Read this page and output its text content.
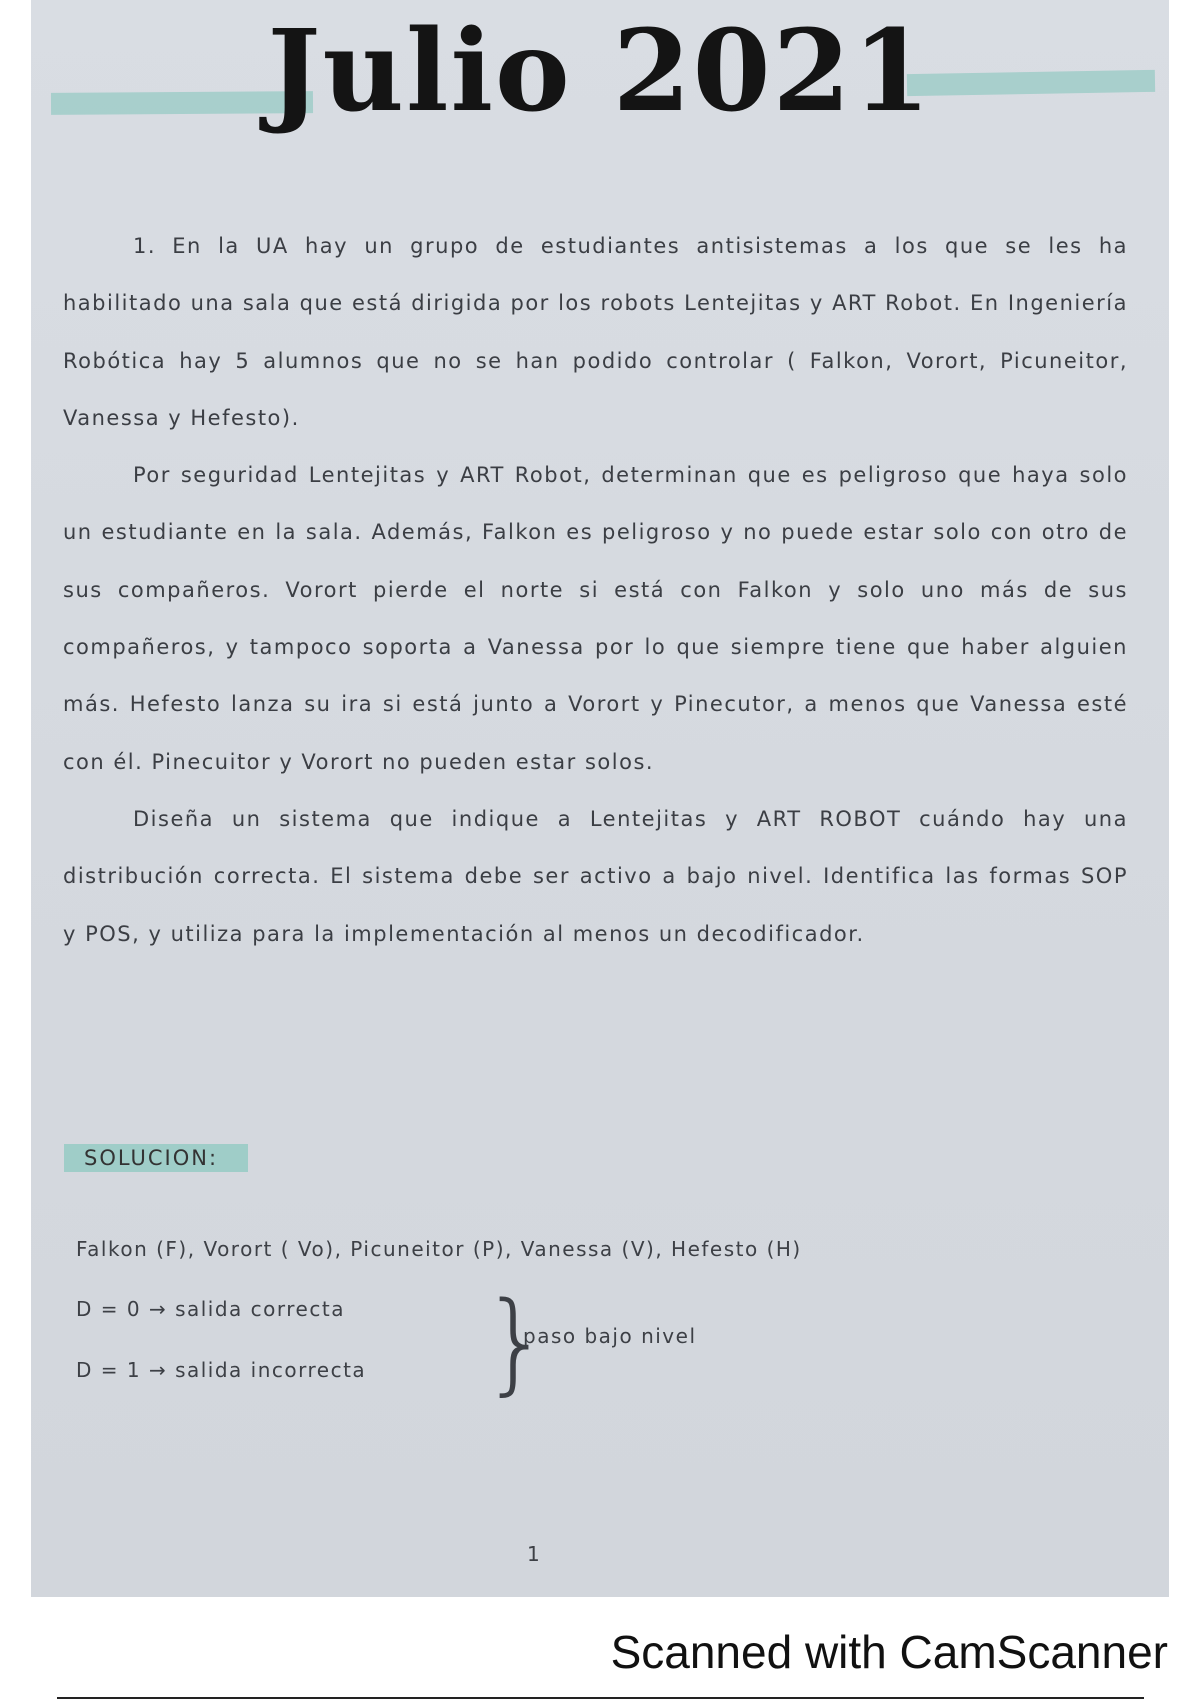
Julio 2021

1. En la UA hay un grupo de estudiantes antisistemas a los que se les ha habilitado una sala que está dirigida por los robots Lentejitas y ART Robot. En Ingeniería Robótica hay 5 alumnos que no se han podido controlar ( Falkon, Vorort, Picuneitor, Vanessa y Hefesto).

Por seguridad Lentejitas y ART Robot, determinan que es peligroso que haya solo un estudiante en la sala. Además, Falkon es peligroso y no puede estar solo con otro de sus compañeros. Vorort pierde el norte si está con Falkon y solo uno más de sus compañeros, y tampoco soporta a Vanessa por lo que siempre tiene que haber alguien más. Hefesto lanza su ira si está junto a Vorort y Pinecutor, a menos que Vanessa esté con él. Pinecuitor y Vorort no pueden estar solos.

Diseña un sistema que indique a Lentejitas y ART ROBOT cuándo hay una distribución correcta. El sistema debe ser activo a bajo nivel. Identifica las formas SOP y POS, y utiliza para la implementación al menos un decodificador.

SOLUCION:
Falkon (F), Vorort ( Vo), Picuneitor (P), Vanessa (V), Hefesto (H)
D = 0 → salida correcta
D = 1 → salida incorrecta }
paso bajo nivel
1
Scanned with CamScanner
